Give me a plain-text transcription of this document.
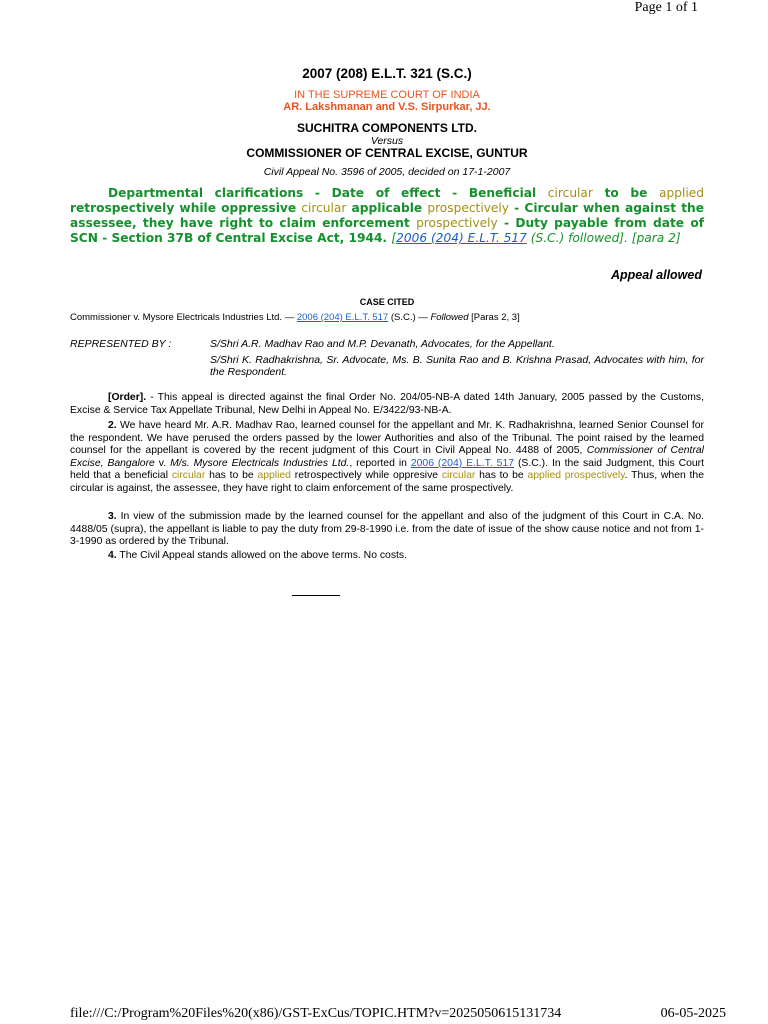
Page 1 of 1
2007 (208) E.L.T. 321 (S.C.)
IN THE SUPREME COURT OF INDIA
AR. Lakshmanan and V.S. Sirpurkar, JJ.
SUCHITRA COMPONENTS LTD.
Versus
COMMISSIONER OF CENTRAL EXCISE, GUNTUR
Civil Appeal No. 3596 of 2005, decided on 17-1-2007

Departmental clarifications - Date of effect - Beneficial circular to be applied retrospectively while oppressive circular applicable prospectively - Circular when against the assessee, they have right to claim enforcement prospectively - Duty payable from date of SCN - Section 37B of Central Excise Act, 1944. [2006 (204) E.L.T. 517 (S.C.) followed]. [para 2]

Appeal allowed
CASE CITED
Commissioner v. Mysore Electricals Industries Ltd. — 2006 (204) E.L.T. 517 (S.C.) — Followed [Paras 2, 3]
REPRESENTED BY :	S/Shri A.R. Madhav Rao and M.P. Devanath, Advocates, for the Appellant.

S/Shri K. Radhakrishna, Sr. Advocate, Ms. B. Sunita Rao and B. Krishna Prasad, Advocates with him, for the Respondent.

[Order]. - This appeal is directed against the final Order No. 204/05-NB-A dated 14th January, 2005 passed by the Customs, Excise & Service Tax Appellate Tribunal, New Delhi in Appeal No. E/3422/93-NB-A.

2. We have heard Mr. A.R. Madhav Rao, learned counsel for the appellant and Mr. K. Radhakrishna, learned Senior Counsel for the respondent. We have perused the orders passed by the lower Authorities and also of the Tribunal. The point raised by the learned counsel for the appellant is covered by the recent judgment of this Court in Civil Appeal No. 4488 of 2005, Commissioner of Central Excise, Bangalore v. M/s. Mysore Electricals Industries Ltd., reported in 2006 (204) E.L.T. 517 (S.C.). In the said Judgment, this Court held that a beneficial circular has to be applied retrospectively while oppresive circular has to be applied prospectively. Thus, when the circular is against, the assessee, they have right to claim enforcement of the same prospectively.

3. In view of the submission made by the learned counsel for the appellant and also of the judgment of this Court in C.A. No. 4488/05 (supra), the appellant is liable to pay the duty from 29-8-1990 i.e. from the date of issue of the show cause notice and not from 1-3-1990 as ordered by the Tribunal.

4. The Civil Appeal stands allowed on the above terms. No costs.

file:///C:/Program%20Files%20(x86)/GST-ExCus/TOPIC.HTM?v=2025050615131734	06-05-2025
